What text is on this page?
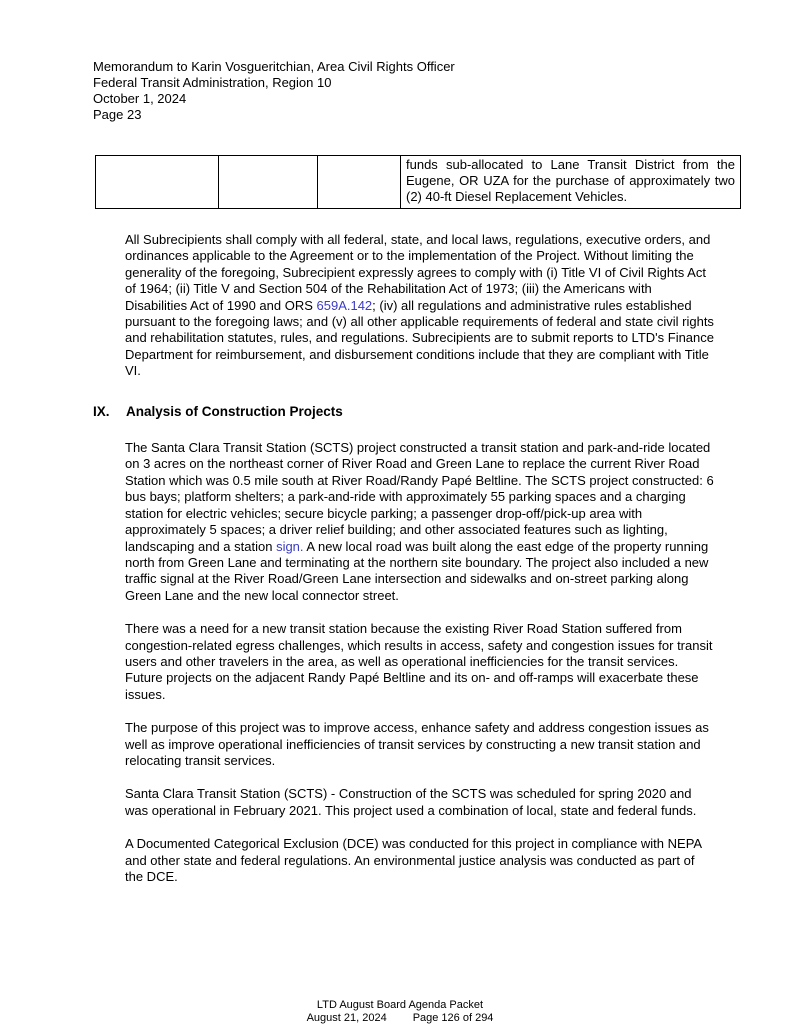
Memorandum to Karin Vosgueritchian, Area Civil Rights Officer
Federal Transit Administration, Region 10
October 1, 2024
Page 23
			funds sub-allocated to Lane Transit District from the Eugene, OR UZA for the purchase of approximately two (2) 40-ft Diesel Replacement Vehicles.

All Subrecipients shall comply with all federal, state, and local laws, regulations, executive orders, and ordinances applicable to the Agreement or to the implementation of the Project. Without limiting the generality of the foregoing, Subrecipient expressly agrees to comply with (i) Title VI of Civil Rights Act of 1964; (ii) Title V and Section 504 of the Rehabilitation Act of 1973; (iii) the Americans with Disabilities Act of 1990 and ORS 659A.142; (iv) all regulations and administrative rules established pursuant to the foregoing laws; and (v) all other applicable requirements of federal and state civil rights and rehabilitation statutes, rules, and regulations. Subrecipients are to submit reports to LTD's Finance Department for reimbursement, and disbursement conditions include that they are compliant with Title VI.

IX.	Analysis of Construction Projects

The Santa Clara Transit Station (SCTS) project constructed a transit station and park-and-ride located on 3 acres on the northeast corner of River Road and Green Lane to replace the current River Road Station which was 0.5 mile south at River Road/Randy Papé Beltline. The SCTS project constructed: 6 bus bays; platform shelters; a park-and-ride with approximately 55 parking spaces and a charging station for electric vehicles; secure bicycle parking; a passenger drop-off/pick-up area with approximately 5 spaces; a driver relief building; and other associated features such as lighting, landscaping and a station sign. A new local road was built along the east edge of the property running north from Green Lane and terminating at the northern site boundary. The project also included a new traffic signal at the River Road/Green Lane intersection and sidewalks and on-street parking along Green Lane and the new local connector street.

There was a need for a new transit station because the existing River Road Station suffered from congestion-related egress challenges, which results in access, safety and congestion issues for transit users and other travelers in the area, as well as operational inefficiencies for the transit services. Future projects on the adjacent Randy Papé Beltline and its on- and off-ramps will exacerbate these issues.

The purpose of this project was to improve access, enhance safety and address congestion issues as well as improve operational inefficiencies of transit services by constructing a new transit station and relocating transit services.

Santa Clara Transit Station (SCTS) - Construction of the SCTS was scheduled for spring 2020 and was operational in February 2021. This project used a combination of local, state and federal funds.

A Documented Categorical Exclusion (DCE) was conducted for this project in compliance with NEPA and other state and federal regulations. An environmental justice analysis was conducted as part of the DCE.

LTD August Board Agenda Packet
August 21, 2024 Page 126 of 294
